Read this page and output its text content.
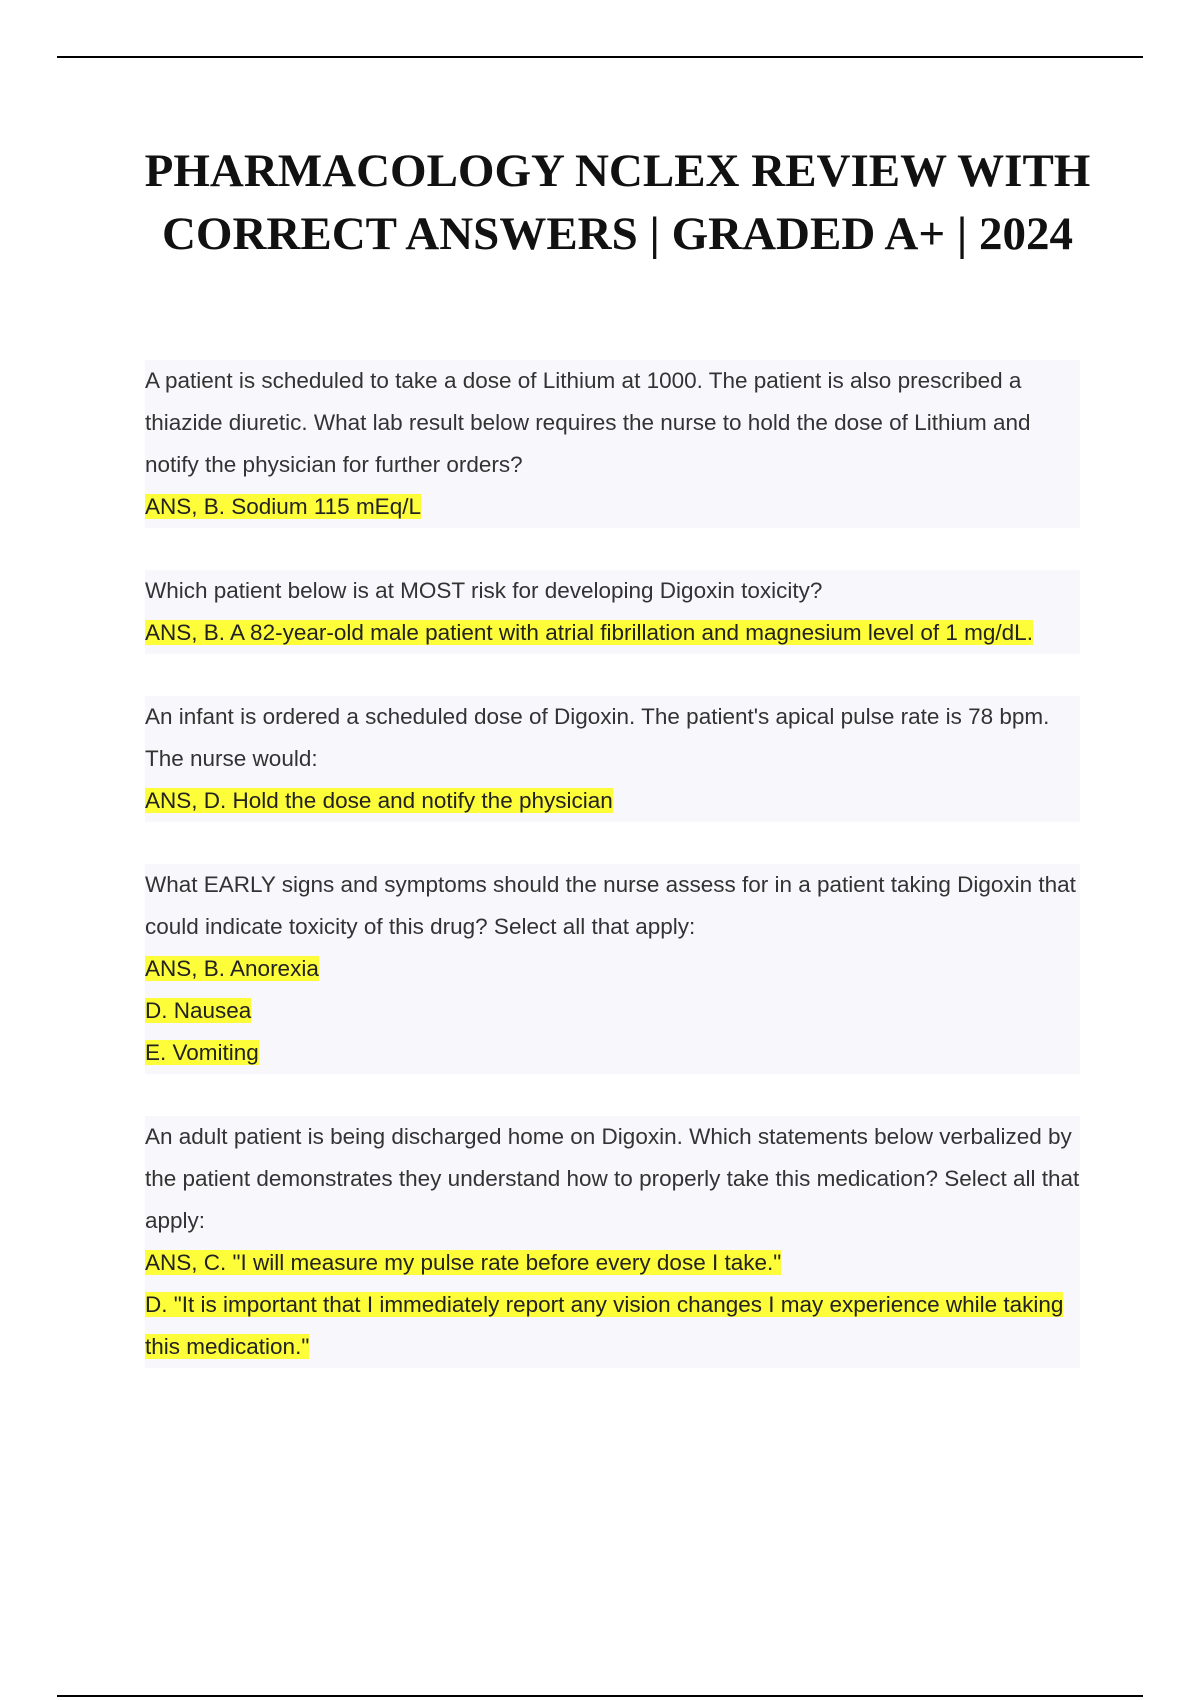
PHARMACOLOGY NCLEX REVIEW WITH CORRECT ANSWERS | GRADED A+ | 2024

A patient is scheduled to take a dose of Lithium at 1000. The patient is also prescribed a thiazide diuretic. What lab result below requires the nurse to hold the dose of Lithium and notify the physician for further orders?

ANS, B. Sodium 115 mEq/L

Which patient below is at MOST risk for developing Digoxin toxicity?

ANS, B. A 82-year-old male patient with atrial fibrillation and magnesium level of 1 mg/dL.

An infant is ordered a scheduled dose of Digoxin. The patient's apical pulse rate is 78 bpm. The nurse would:

ANS, D. Hold the dose and notify the physician

What EARLY signs and symptoms should the nurse assess for in a patient taking Digoxin that could indicate toxicity of this drug? Select all that apply:

ANS, B. Anorexia

D. Nausea

E. Vomiting

An adult patient is being discharged home on Digoxin. Which statements below verbalized by the patient demonstrates they understand how to properly take this medication? Select all that apply:

ANS, C. "I will measure my pulse rate before every dose I take."

D. "It is important that I immediately report any vision changes I may experience while taking this medication."
